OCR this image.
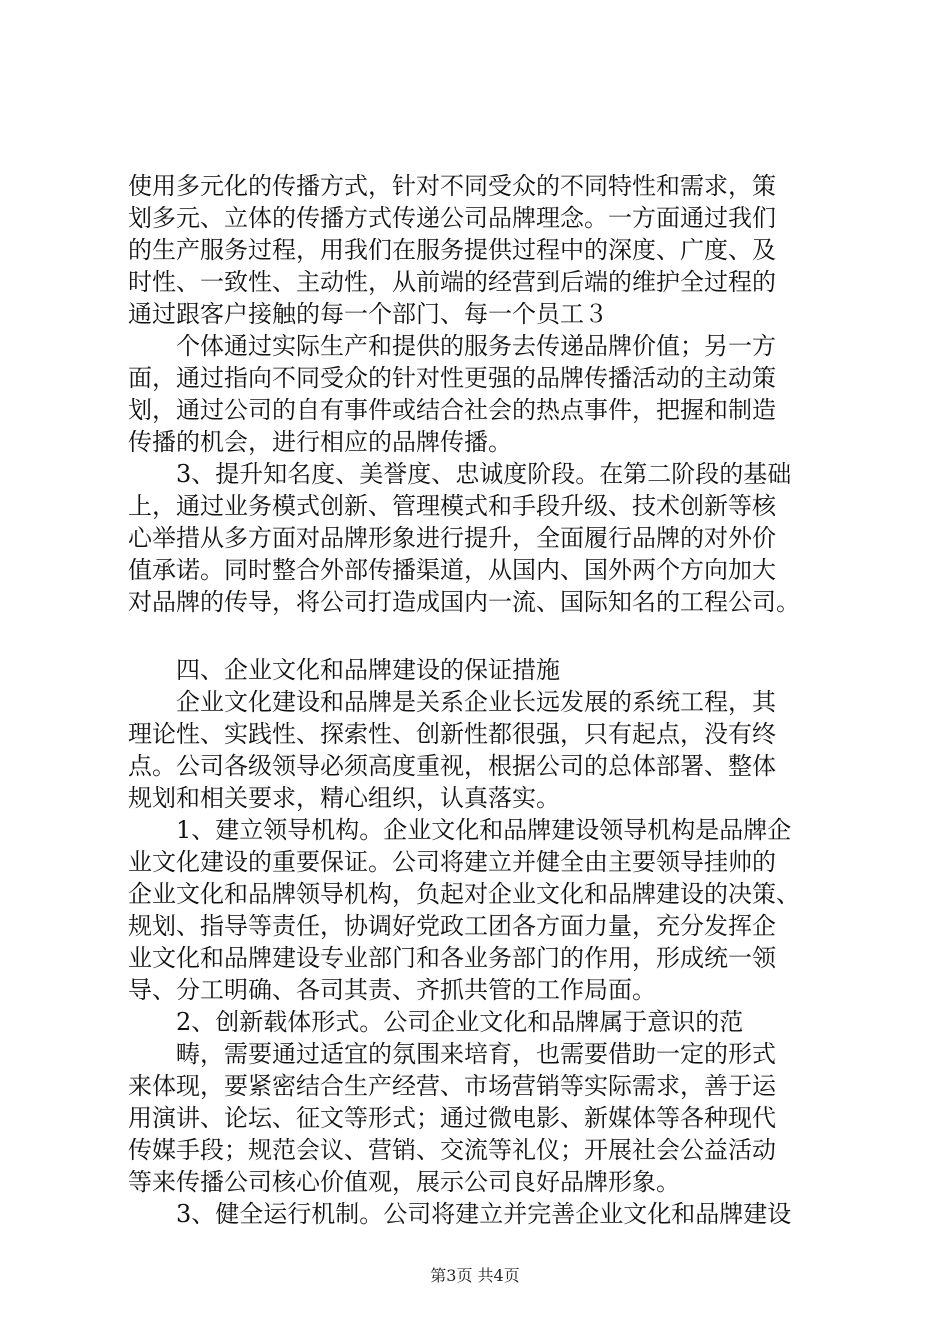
使用多元化的传播方式，针对不同受众的不同特性和需求，策
划多元、立体的传播方式传递公司品牌理念。一方面通过我们
的生产服务过程，用我们在服务提供过程中的深度、广度、及
时性、一致性、主动性，从前端的经营到后端的维护全过程的
通过跟客户接触的每一个部门、每一个员工３
个体通过实际生产和提供的服务去传递品牌价值；另一方
面，通过指向不同受众的针对性更强的品牌传播活动的主动策
划，通过公司的自有事件或结合社会的热点事件，把握和制造
传播的机会，进行相应的品牌传播。
3、提升知名度、美誉度、忠诚度阶段。在第二阶段的基础
上，通过业务模式创新、管理模式和手段升级、技术创新等核
心举措从多方面对品牌形象进行提升，全面履行品牌的对外价
值承诺。同时整合外部传播渠道，从国内、国外两个方向加大
对品牌的传导，将公司打造成国内一流、国际知名的工程公司。
四、企业文化和品牌建设的保证措施
企业文化建设和品牌是关系企业长远发展的系统工程，其
理论性、实践性、探索性、创新性都很强，只有起点，没有终
点。公司各级领导必须高度重视，根据公司的总体部署、整体
规划和相关要求，精心组织，认真落实。
1、建立领导机构。企业文化和品牌建设领导机构是品牌企
业文化建设的重要保证。公司将建立并健全由主要领导挂帅的
企业文化和品牌领导机构，负起对企业文化和品牌建设的决策、
规划、指导等责任，协调好党政工团各方面力量，充分发挥企
业文化和品牌建设专业部门和各业务部门的作用，形成统一领
导、分工明确、各司其责、齐抓共管的工作局面。
2、创新载体形式。公司企业文化和品牌属于意识的范
畴，需要通过适宜的氛围来培育，也需要借助一定的形式
来体现，要紧密结合生产经营、市场营销等实际需求，善于运
用演讲、论坛、征文等形式；通过微电影、新媒体等各种现代
传媒手段；规范会议、营销、交流等礼仪；开展社会公益活动
等来传播公司核心价值观，展示公司良好品牌形象。
3、健全运行机制。公司将建立并完善企业文化和品牌建设
第3页 共4页
